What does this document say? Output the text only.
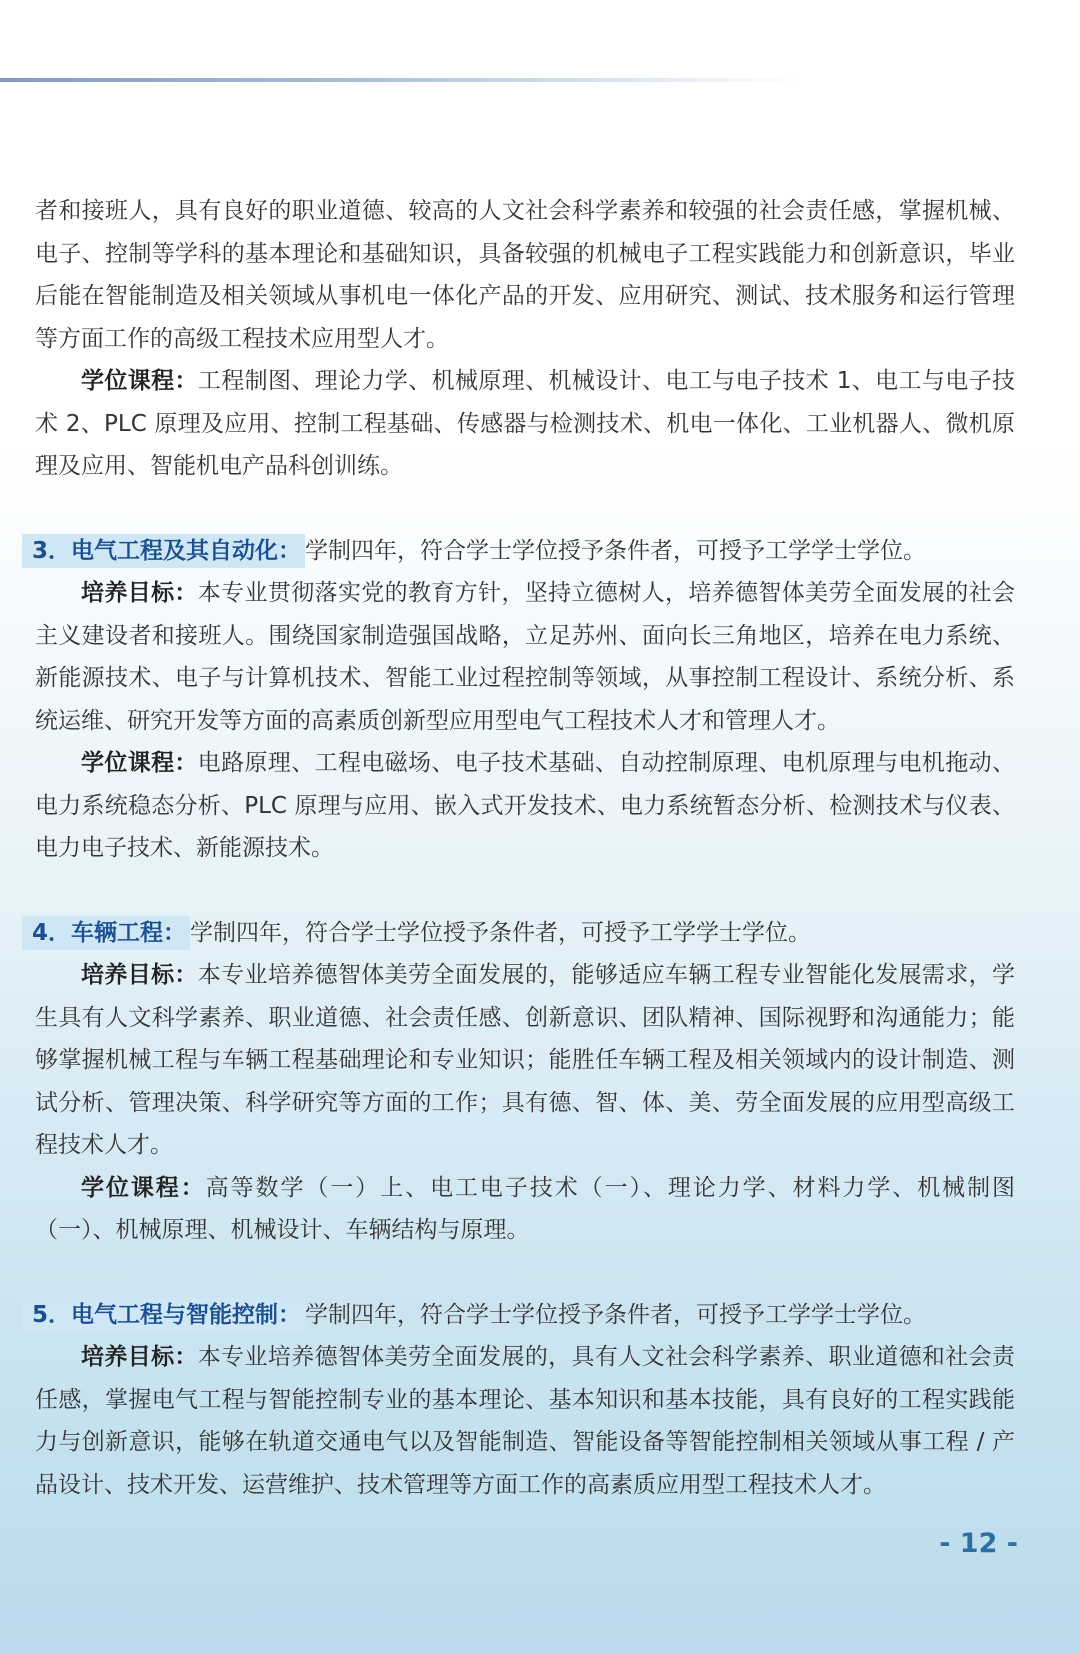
者和接班人，具有良好的职业道德、较高的人文社会科学素养和较强的社会责任感，掌握机械、电子、控制等学科的基本理论和基础知识，具备较强的机械电子工程实践能力和创新意识，毕业后能在智能制造及相关领域从事机电一体化产品的开发、应用研究、测试、技术服务和运行管理等方面工作的高级工程技术应用型人才。

学位课程：工程制图、理论力学、机械原理、机械设计、电工与电子技术 1、电工与电子技术 2、PLC 原理及应用、控制工程基础、传感器与检测技术、机电一体化、工业机器人、微机原理及应用、智能机电产品科创训练。

3．电气工程及其自动化： 学制四年，符合学士学位授予条件者，可授予工学学士学位。

培养目标：本专业贯彻落实党的教育方针，坚持立德树人，培养德智体美劳全面发展的社会主义建设者和接班人。围绕国家制造强国战略，立足苏州、面向长三角地区，培养在电力系统、新能源技术、电子与计算机技术、智能工业过程控制等领域，从事控制工程设计、系统分析、系统运维、研究开发等方面的高素质创新型应用型电气工程技术人才和管理人才。

学位课程：电路原理、工程电磁场、电子技术基础、自动控制原理、电机原理与电机拖动、电力系统稳态分析、PLC 原理与应用、嵌入式开发技术、电力系统暂态分析、检测技术与仪表、电力电子技术、新能源技术。

4．车辆工程： 学制四年，符合学士学位授予条件者，可授予工学学士学位。

培养目标：本专业培养德智体美劳全面发展的，能够适应车辆工程专业智能化发展需求，学生具有人文科学素养、职业道德、社会责任感、创新意识、团队精神、国际视野和沟通能力；能够掌握机械工程与车辆工程基础理论和专业知识；能胜任车辆工程及相关领域内的设计制造、测试分析、管理决策、科学研究等方面的工作；具有德、智、体、美、劳全面发展的应用型高级工程技术人才。

学位课程：高等数学（一）上、电工电子技术（一）、理论力学、材料力学、机械制图（一）、机械原理、机械设计、车辆结构与原理。

5．电气工程与智能控制： 学制四年，符合学士学位授予条件者，可授予工学学士学位。

培养目标：本专业培养德智体美劳全面发展的，具有人文社会科学素养、职业道德和社会责任感，掌握电气工程与智能控制专业的基本理论、基本知识和基本技能，具有良好的工程实践能力与创新意识，能够在轨道交通电气以及智能制造、智能设备等智能控制相关领域从事工程 / 产品设计、技术开发、运营维护、技术管理等方面工作的高素质应用型工程技术人才。

- 12 -
